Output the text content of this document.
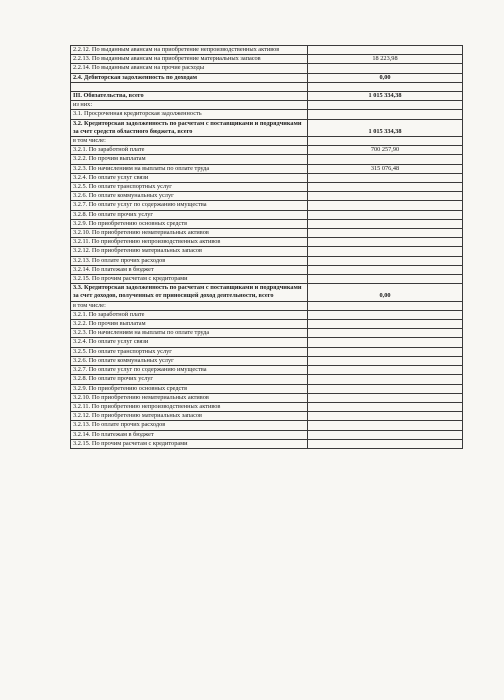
2.2.12. По выданным авансам на приобретение непроизводственных активов	
2.2.13. По выданным авансам на приобретение материальных запасов	18 223,98
2.2.14. По выданным авансам на прочие расходы	
2.4. Дебиторская задолженность по доходам	0,00

III. Обязательства, всего	1 015 334,38
из них:	
3.1. Просроченная кредиторская задолженность	
3.2. Кредиторская задолженность по расчетам с поставщиками и подрядчиками за счет средств областного бюджета, всего	1 015 334,38
в том числе:	
3.2.1. По заработной плате	700 257,90
3.2.2. По прочим выплатам	
3.2.3. По начислениям на выплаты по оплате труда	315 076,48
3.2.4. По оплате услуг связи	
3.2.5. По оплате транспортных услуг	
3.2.6. По оплате коммунальных услуг	
3.2.7. По оплате услуг по содержанию имущества	
3.2.8. По оплате прочих услуг	
3.2.9. По приобретению основных средств	
3.2.10. По приобретению нематериальных активов	
3.2.11. По приобретению непроизводственных активов	
3.2.12. По приобретению материальных запасов	
3.2.13. По оплате прочих расходов	
3.2.14. По платежам в бюджет	
3.2.15. По прочим расчетам с кредиторами	
3.3. Кредиторская задолженность по расчетам с поставщиками и подрядчиками за счет доходов, полученных от приносящей доход деятельности, всего	0,00
в том числе:	
3.2.1. По заработной плате	
3.2.2. По прочим выплатам	
3.2.3. По начислениям на выплаты по оплате труда	
3.2.4. По оплате услуг связи	
3.2.5. По оплате транспортных услуг	
3.2.6. По оплате коммунальных услуг	
3.2.7. По оплате услуг по содержанию имущества	
3.2.8. По оплате прочих услуг	
3.2.9. По приобретению основных средств	
3.2.10. По приобретению нематериальных активов	
3.2.11. По приобретению непроизводственных активов	
3.2.12. По приобретению материальных запасов	
3.2.13. По оплате прочих расходов	
3.2.14. По платежам в бюджет	
3.2.15. По прочим расчетам с кредиторами	
